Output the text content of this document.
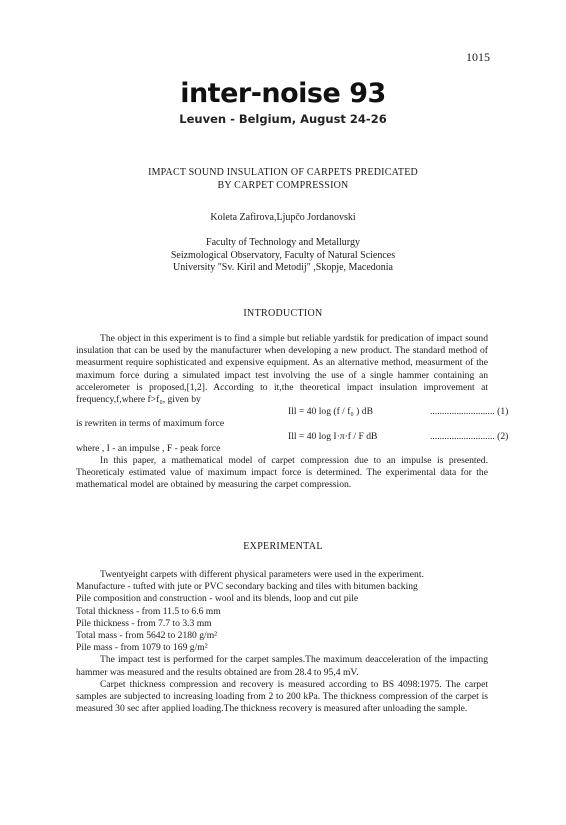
1015
inter-noise 93
Leuven - Belgium, August 24-26
IMPACT SOUND INSULATION OF CARPETS PREDICATED
BY CARPET COMPRESSION
Koleta Zafirova,Ljupčo Jordanovski
Faculty of Technology and Metallurgy
Seizmological Observatory, Faculty of Natural Sciences
University "Sv. Kiril and Metodij" ,Skopje, Macedonia
INTRODUCTION

The object in this experiment is to find a simple but reliable yardstik for predication of impact sound insulation that can be used by the manufacturer when developing a new product. The standard method of measurment require sophisticated and expensive equipment. As an alternative method, measurment of the maximum force during a simulated impact test involving the use of a single hammer containing an accelerometer is proposed,[1,2]. According to it,the theoretical impact insulation improvement at frequency,f,where f>f₀, given by

Ill = 40 log (f / f₀ ) dB	........................... (1)
is rewriten in terms of maximum force
Ill = 40 log I·π·f / F dB	........................... (2)
where , I - an impulse , F - peak force

In this paper, a mathematical model of carpet compression due to an impulse is presented. Theoreticaly estimated value of maximum impact force is determined. The experimental data for the mathematical model are obtained by measuring the carpet compression.

EXPERIMENTAL

Twentyeight carpets with different physical parameters were used in the experiment.

Manufacture - tufted with jute or PVC secondary backing and tiles with bitumen backing
Pile composition and construction - wool and its blends, loop and cut pile
Total thickness - from 11.5 to 6.6 mm
Pile thickness - from 7.7 to 3.3 mm
Total mass - from 5642 to 2180 g/m²
Pile mass - from 1079 to 169 g/m²

The impact test is performed for the carpet samples.The maximum deacceleration of the impacting hammer was measured and the results obtained are from 28.4 to 95,4 mV.

Carpet thickness compression and recovery is measured according to BS 4098:1975. The carpet samples are subjected to increasing loading from 2 to 200 kPa. The thickness compression of the carpet is measured 30 sec after applied loading.The thickness recovery is measured after unloading the sample.
